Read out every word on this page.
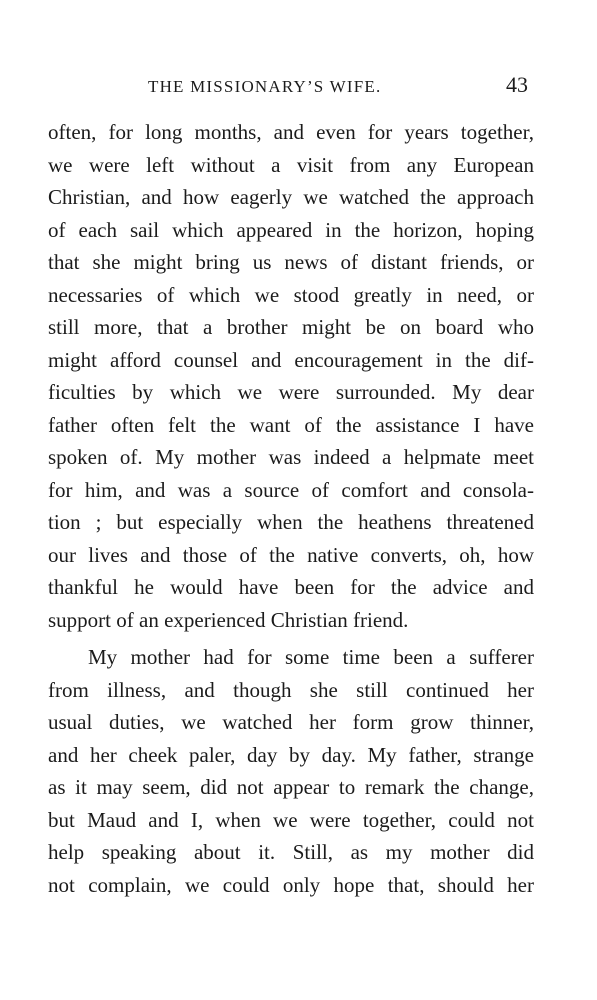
THE MISSIONARY’S WIFE.	43
often, for long months, and even for years together,
we were left without a visit from any European
Christian, and how eagerly we watched the approach
of each sail which appeared in the horizon, hoping
that she might bring us news of distant friends, or
necessaries of which we stood greatly in need, or
still more, that a brother might be on board who
might afford counsel and encouragement in the dif-
ficulties by which we were surrounded. My dear
father often felt the want of the assistance I have
spoken of. My mother was indeed a helpmate meet
for him, and was a source of comfort and consola-
tion ; but especially when the heathens threatened
our lives and those of the native converts, oh, how
thankful he would have been for the advice and
support of an experienced Christian friend.
My mother had for some time been a sufferer
from illness, and though she still continued her
usual duties, we watched her form grow thinner,
and her cheek paler, day by day. My father, strange
as it may seem, did not appear to remark the change,
but Maud and I, when we were together, could not
help speaking about it. Still, as my mother did
not complain, we could only hope that, should her
